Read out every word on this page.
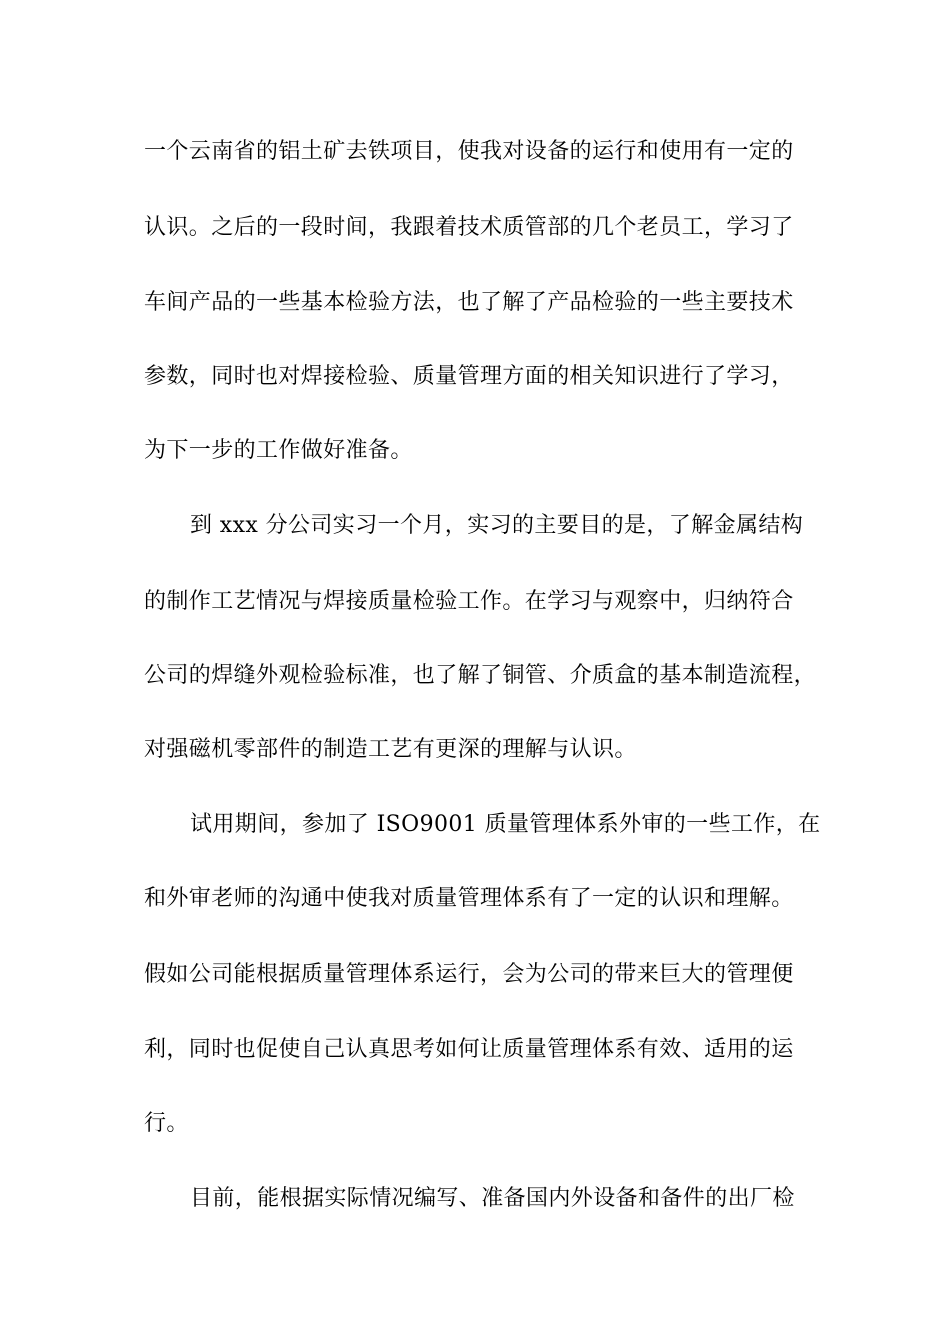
一个云南省的铝土矿去铁项目，使我对设备的运行和使用有一定的
认识。之后的一段时间，我跟着技术质管部的几个老员工，学习了
车间产品的一些基本检验方法，也了解了产品检验的一些主要技术
参数，同时也对焊接检验、质量管理方面的相关知识进行了学习，
为下一步的工作做好准备。
到 xxx 分公司实习一个月，实习的主要目的是，了解金属结构
的制作工艺情况与焊接质量检验工作。在学习与观察中，归纳符合
公司的焊缝外观检验标准，也了解了铜管、介质盒的基本制造流程，
对强磁机零部件的制造工艺有更深的理解与认识。
试用期间，参加了 ISO9001 质量管理体系外审的一些工作，在
和外审老师的沟通中使我对质量管理体系有了一定的认识和理解。
假如公司能根据质量管理体系运行，会为公司的带来巨大的管理便
利，同时也促使自己认真思考如何让质量管理体系有效、适用的运
行。
目前，能根据实际情况编写、准备国内外设备和备件的出厂检
